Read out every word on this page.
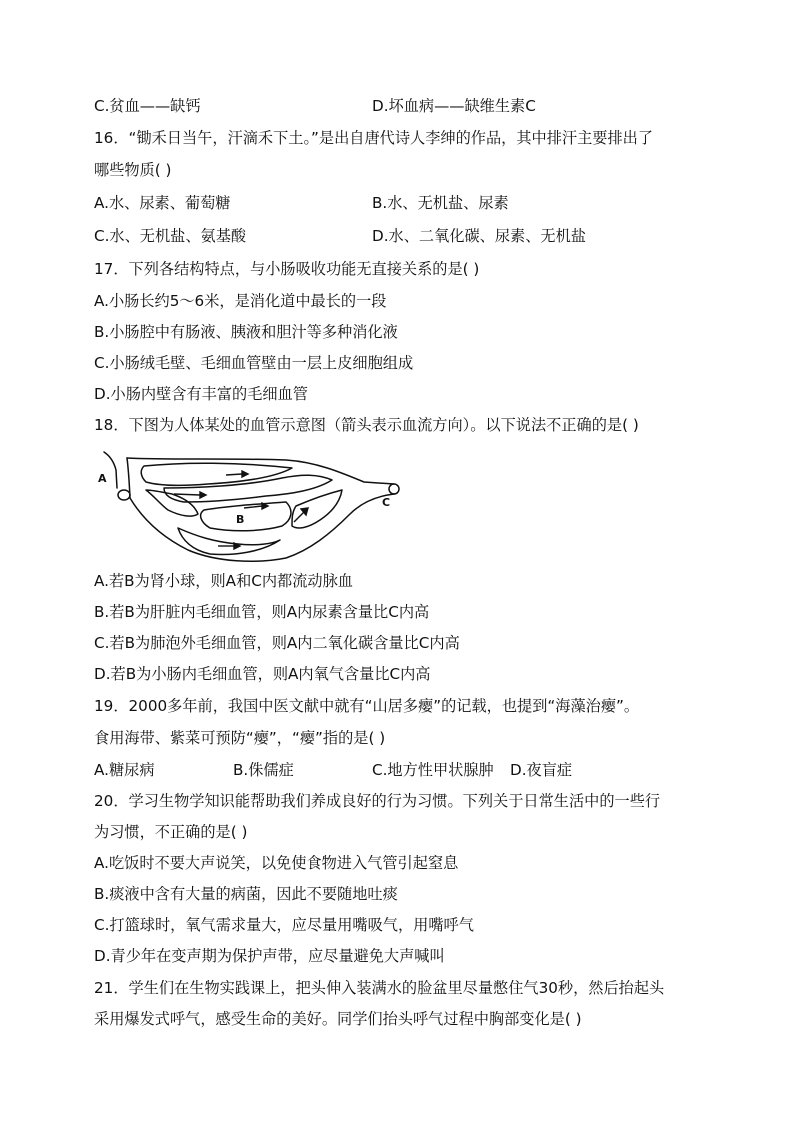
C.贫血——缺钙	D.坏血病——缺维生素C
16．“锄禾日当午，汗滴禾下土。”是出自唐代诗人李绅的作品，其中排汗主要排出了
哪些物质( )
A.水、尿素、葡萄糖	B.水、无机盐、尿素
C.水、无机盐、氨基酸	D.水、二氧化碳、尿素、无机盐
17．下列各结构特点，与小肠吸收功能无直接关系的是( )
A.小肠长约5～6米，是消化道中最长的一段
B.小肠腔中有肠液、胰液和胆汁等多种消化液
C.小肠绒毛壁、毛细血管壁由一层上皮细胞组成
D.小肠内壁含有丰富的毛细血管
18．下图为人体某处的血管示意图（箭头表示血流方向）。以下说法不正确的是( )
A
B
C
A.若B为肾小球，则A和C内都流动脉血
B.若B为肝脏内毛细血管，则A内尿素含量比C内高
C.若B为肺泡外毛细血管，则A内二氧化碳含量比C内高
D.若B为小肠内毛细血管，则A内氧气含量比C内高
19．2000多年前，我国中医文献中就有“山居多瘿”的记载，也提到“海藻治瘿”。
食用海带、紫菜可预防“瘿”，“瘿”指的是( )
A.糖尿病	B.侏儒症	C.地方性甲状腺肿 D.夜盲症
20．学习生物学知识能帮助我们养成良好的行为习惯。下列关于日常生活中的一些行
为习惯，不正确的是( )
A.吃饭时不要大声说笑，以免使食物进入气管引起窒息
B.痰液中含有大量的病菌，因此不要随地吐痰
C.打篮球时，氧气需求量大，应尽量用嘴吸气，用嘴呼气
D.青少年在变声期为保护声带，应尽量避免大声喊叫
21．学生们在生物实践课上，把头伸入装满水的脸盆里尽量憋住气30秒，然后抬起头
采用爆发式呼气，感受生命的美好。同学们抬头呼气过程中胸部变化是( )
